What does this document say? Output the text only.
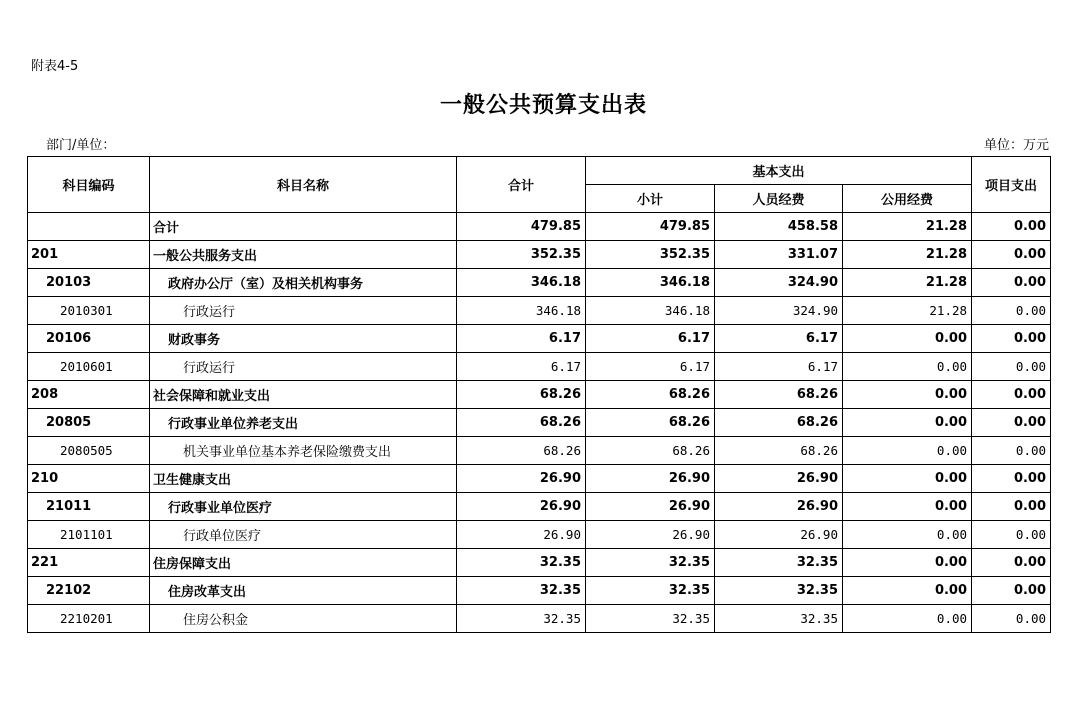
附表4-5
一般公共预算支出表
部门/单位：	单位：万元
科目编码	科目名称	合计	基本支出			项目支出
			小计	人员经费	公用经费	
	合计	479.85	479.85	458.58	21.28	0.00
201	一般公共服务支出	352.35	352.35	331.07	21.28	0.00
20103	政府办公厅（室）及相关机构事务	346.18	346.18	324.90	21.28	0.00
2010301	行政运行	346.18	346.18	324.90	21.28	0.00
20106	财政事务	6.17	6.17	6.17	0.00	0.00
2010601	行政运行	6.17	6.17	6.17	0.00	0.00
208	社会保障和就业支出	68.26	68.26	68.26	0.00	0.00
20805	行政事业单位养老支出	68.26	68.26	68.26	0.00	0.00
2080505	机关事业单位基本养老保险缴费支出	68.26	68.26	68.26	0.00	0.00
210	卫生健康支出	26.90	26.90	26.90	0.00	0.00
21011	行政事业单位医疗	26.90	26.90	26.90	0.00	0.00
2101101	行政单位医疗	26.90	26.90	26.90	0.00	0.00
221	住房保障支出	32.35	32.35	32.35	0.00	0.00
22102	住房改革支出	32.35	32.35	32.35	0.00	0.00
2210201	住房公积金	32.35	32.35	32.35	0.00	0.00
